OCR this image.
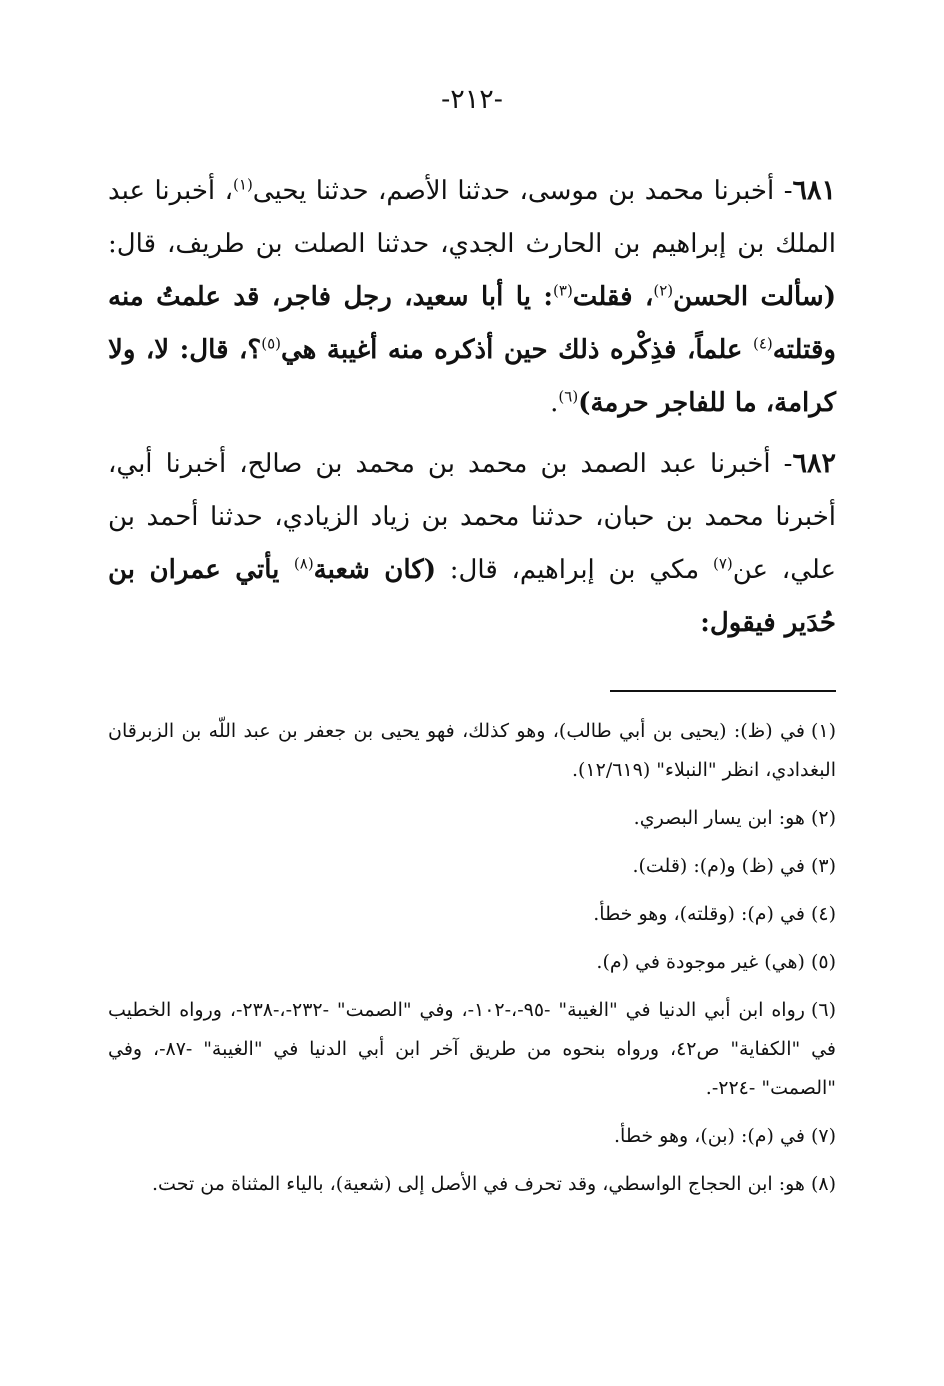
-٢١٢-

٦٨١- أخبرنا محمد بن موسى، حدثنا الأصم، حدثنا يحيى$^{(١)}$، أخبرنا عبد الملك بن إبراهيم بن الحارث الجدي، حدثنا الصلت بن طريف، قال: (سألت الحسن$^{(٢)}$، فقلت$^{(٣)}$: يا أبا سعيد، رجل فاجر، قد علمتُ منه وقتلته$^{(٤)}$ علماً، فذِكْره ذلك حين أذكره منه أغيبة هي$^{(٥)}$؟، قال: لا، ولا كرامة، ما للفاجر حرمة)$^{(٦)}$.

٦٨٢- أخبرنا عبد الصمد بن محمد بن محمد بن صالح، أخبرنا أبي، أخبرنا محمد بن حبان، حدثنا محمد بن زياد الزيادي، حدثنا أحمد بن علي، عن$^{(٧)}$ مكي بن إبراهيم، قال: (كان شعبة$^{(٨)}$ يأتي عمران بن حُدَير فيقول:

(١)في (ظ): (يحيى بن أبي طالب)، وهو كذلك، فهو يحيى بن جعفر بن عبد اللّه بن الزبرقان البغدادي، انظر "النبلاء" (١٢/٦١٩).

(٢)هو: ابن يسار البصري.

(٣)في (ظ) و(م): (قلت).

(٤)في (م): (وقلته)، وهو خطأ.

(٥)(هي) غير موجودة في (م).

(٦)رواه ابن أبي الدنيا في "الغيبة" -٩٥-،-١٠٢-، وفي "الصمت" -٢٣٢-،-٢٣٨-، ورواه الخطيب في "الكفاية" ص٤٢، ورواه بنحوه من طريق آخر ابن أبي الدنيا في "الغيبة" -٨٧-، وفي "الصمت" -٢٢٤-.

(٧)في (م): (بن)، وهو خطأ.

(٨)هو: ابن الحجاج الواسطي، وقد تحرف في الأصل إلى (شعية)، بالياء المثناة من تحت.
